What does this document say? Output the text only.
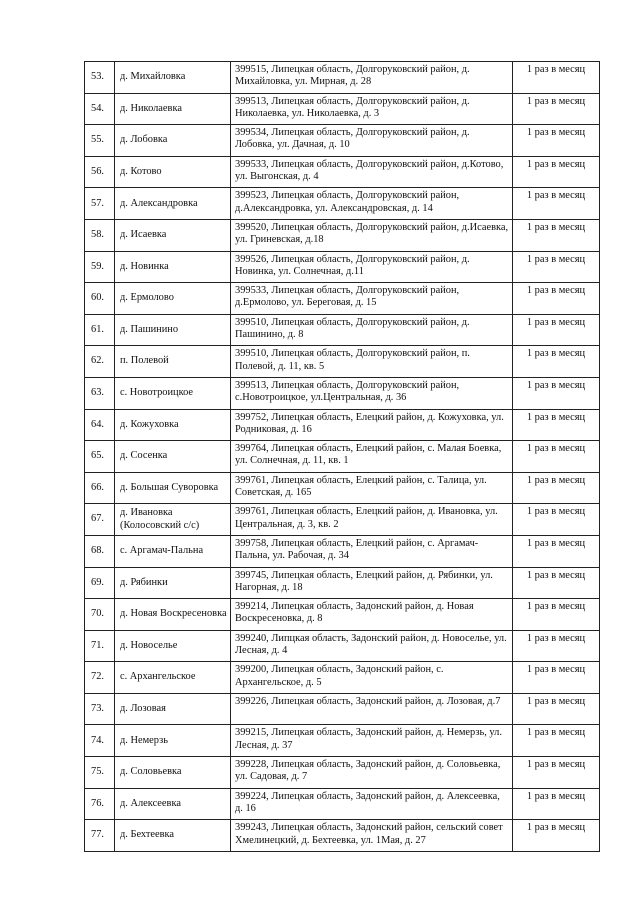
53.	д. Михайловка	399515, Липецкая область, Долгоруковский район, д. Михайловка, ул. Мирная, д. 28	1 раз в месяц
54.	д. Николаевка	399513, Липецкая область, Долгоруковский район, д. Николаевка, ул. Николаевка, д. 3	1 раз в месяц
55.	д. Лобовка	399534, Липецкая область, Долгоруковский район, д. Лобовка, ул. Дачная, д. 10	1 раз в месяц
56.	д. Котово	399533, Липецкая область, Долгоруковский район, д.Котово, ул. Выгонская, д. 4	1 раз в месяц
57.	д. Александровка	399523, Липецкая область, Долгоруковский район, д.Александровка, ул. Александровская, д. 14	1 раз в месяц
58.	д. Исаевка	399520, Липецкая область, Долгоруковский район, д.Исаевка, ул. Гриневская, д.18	1 раз в месяц
59.	д. Новинка	399526, Липецкая область, Долгоруковский район, д. Новинка, ул. Солнечная, д.11	1 раз в месяц
60.	д. Ермолово	399533, Липецкая область, Долгоруковский район, д.Ермолово, ул. Береговая, д. 15	1 раз в месяц
61.	д. Пашинино	399510, Липецкая область, Долгоруковский район, д. Пашинино, д. 8	1 раз в месяц
62.	п. Полевой	399510, Липецкая область, Долгоруковский район, п. Полевой, д. 11, кв. 5	1 раз в месяц
63.	с. Новотроицкое	399513, Липецкая область, Долгоруковский район, с.Новотроицкое, ул.Центральная, д. 36	1 раз в месяц
64.	д. Кожуховка	399752, Липецкая область, Елецкий район, д. Кожуховка, ул. Родниковая, д. 16	1 раз в месяц
65.	д. Сосенка	399764, Липецкая область, Елецкий район, с. Малая Боевка, ул. Солнечная, д. 11, кв. 1	1 раз в месяц
66.	д. Большая Суворовка	399761, Липецкая область, Елецкий район, с. Талица, ул. Советская, д. 165	1 раз в месяц
67.	д. Ивановка (Колосовский с/с)	399761, Липецкая область, Елецкий район, д. Ивановка, ул. Центральная, д. 3, кв. 2	1 раз в месяц
68.	с. Аргамач-Пальна	399758, Липецкая область, Елецкий район, с. Аргамач-Пальна, ул. Рабочая, д. 34	1 раз в месяц
69.	д. Рябинки	399745, Липецкая область, Елецкий район, д. Рябинки, ул. Нагорная, д. 18	1 раз в месяц
70.	д. Новая Воскресеновка	399214, Липецкая область, Задонский район, д. Новая Воскресеновка, д. 8	1 раз в месяц
71.	д. Новоселье	399240, Липцкая область, Задонский район, д. Новоселье, ул. Лесная, д. 4	1 раз в месяц
72.	с. Архангельское	399200, Липецкая область, Задонский район, с. Архангельское, д. 5	1 раз в месяц
73.	д. Лозовая	399226, Липецкая область, Задонский район, д. Лозовая, д.7	1 раз в месяц
74.	д. Немерзь	399215, Липецкая область, Задонский район, д. Немерзь, ул. Лесная, д. 37	1 раз в месяц
75.	д. Соловьевка	399228, Липецкая область, Задонский район, д. Соловьевка, ул. Садовая, д. 7	1 раз в месяц
76.	д. Алексеевка	399224, Липецкая область, Задонский район, д. Алексеевка, д. 16	1 раз в месяц
77.	д. Бехтеевка	399243, Липецкая область, Задонский район, сельский совет Хмелинецкий, д. Бехтеевка, ул. 1Мая, д. 27	1 раз в месяц
